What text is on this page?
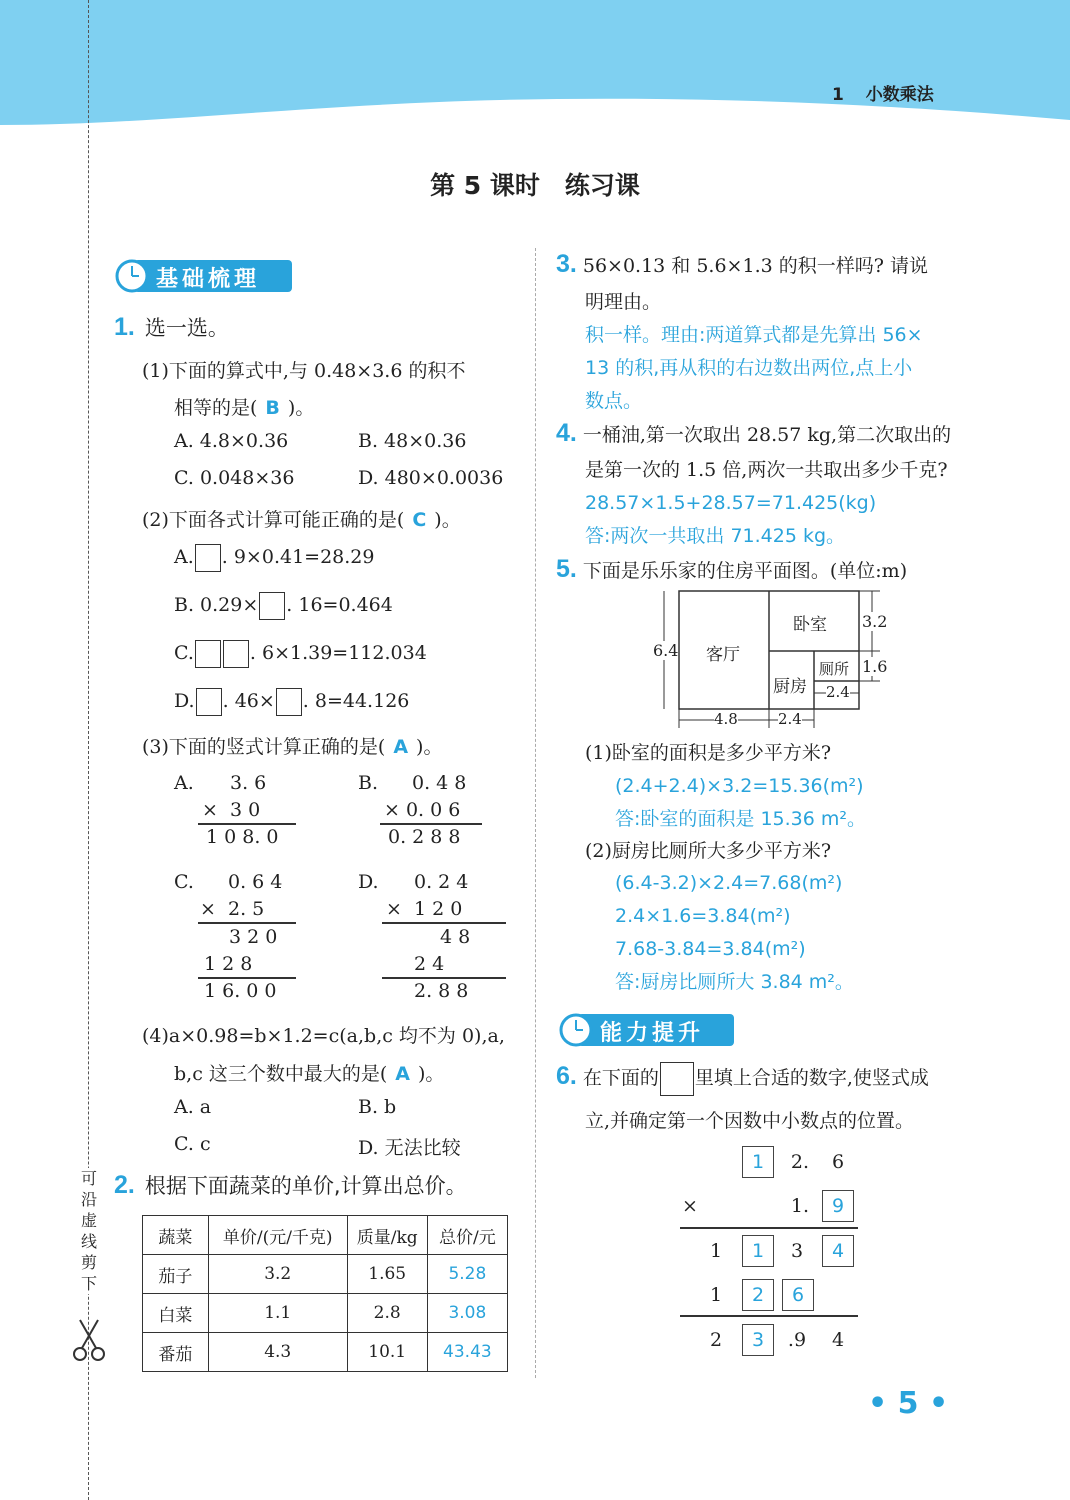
1 小数乘法
可
沿
虚
线
剪
下
第 5 课时　练习课
基础梳理
1. 选一选。
(1)下面的算式中,与 0.48×3.6 的积不
相等的是( B )。
A. 4.8×0.36	B. 48×0.36
C. 0.048×36	D. 480×0.0036
(2)下面各式计算可能正确的是( C )。
A. . 9×0.41=28.29
B. 0.29× . 16=0.464
C.	. 6×1.39=112.034
D. . 46× . 8=44.126
(3)下面的竖式计算正确的是( A )。
A. 3. 6
×  3 0
1 0 8. 0
B. 0. 4 8
× 0. 0 6
0. 2 8 8
C. 0. 6 4
×  2. 5
3 2 0
1 2 8
1 6. 0 0
D. 0. 2 4
×  1 2 0
4 8
2 4
2. 8 8
(4)a×0.98=b×1.2=c(a,b,c 均不为 0),a,
b,c 这三个数中最大的是( A )。
A. a	B. b
C. c	D. 无法比较
2. 根据下面蔬菜的单价,计算出总价。
蔬菜	单价/(元/千克)	质量/kg	总价/元
茄子	3.2	1.65	5.28
白菜	1.1	2.8	3.08
番茄	4.3	10.1	43.43
3. 56×0.13 和 5.6×1.3 的积一样吗? 请说
明理由。
积一样。理由:两道算式都是先算出 56×
13 的积,再从积的右边数出两位,点上小
数点。
4. 一桶油,第一次取出 28.57 kg,第二次取出的
是第一次的 1.5 倍,两次一共取出多少千克?
28.57×1.5+28.57=71.425(kg)
答:两次一共取出 71.425 kg。
5. 下面是乐乐家的住房平面图。(单位:m)
6.4 客厅
卧室
厨房
厕所
3.2
1.6
2.4
4.8	2.4
(1)卧室的面积是多少平方米?
(2.4+2.4)×3.2=15.36(m²)
答:卧室的面积是 15.36 m²。
(2)厨房比厕所大多少平方米?
(6.4-3.2)×2.4=7.68(m²)
2.4×1.6=3.84(m²)
7.68-3.84=3.84(m²)
答:厨房比厕所大 3.84 m²。
能力提升
6. 在下面的 里填上合适的数字,使竖式成
立,并确定第一个因数中小数点的位置。
1	2. 6
×	1.	9
1	1	3	4
1	2	6
2	3	.9 4
• 5 •
